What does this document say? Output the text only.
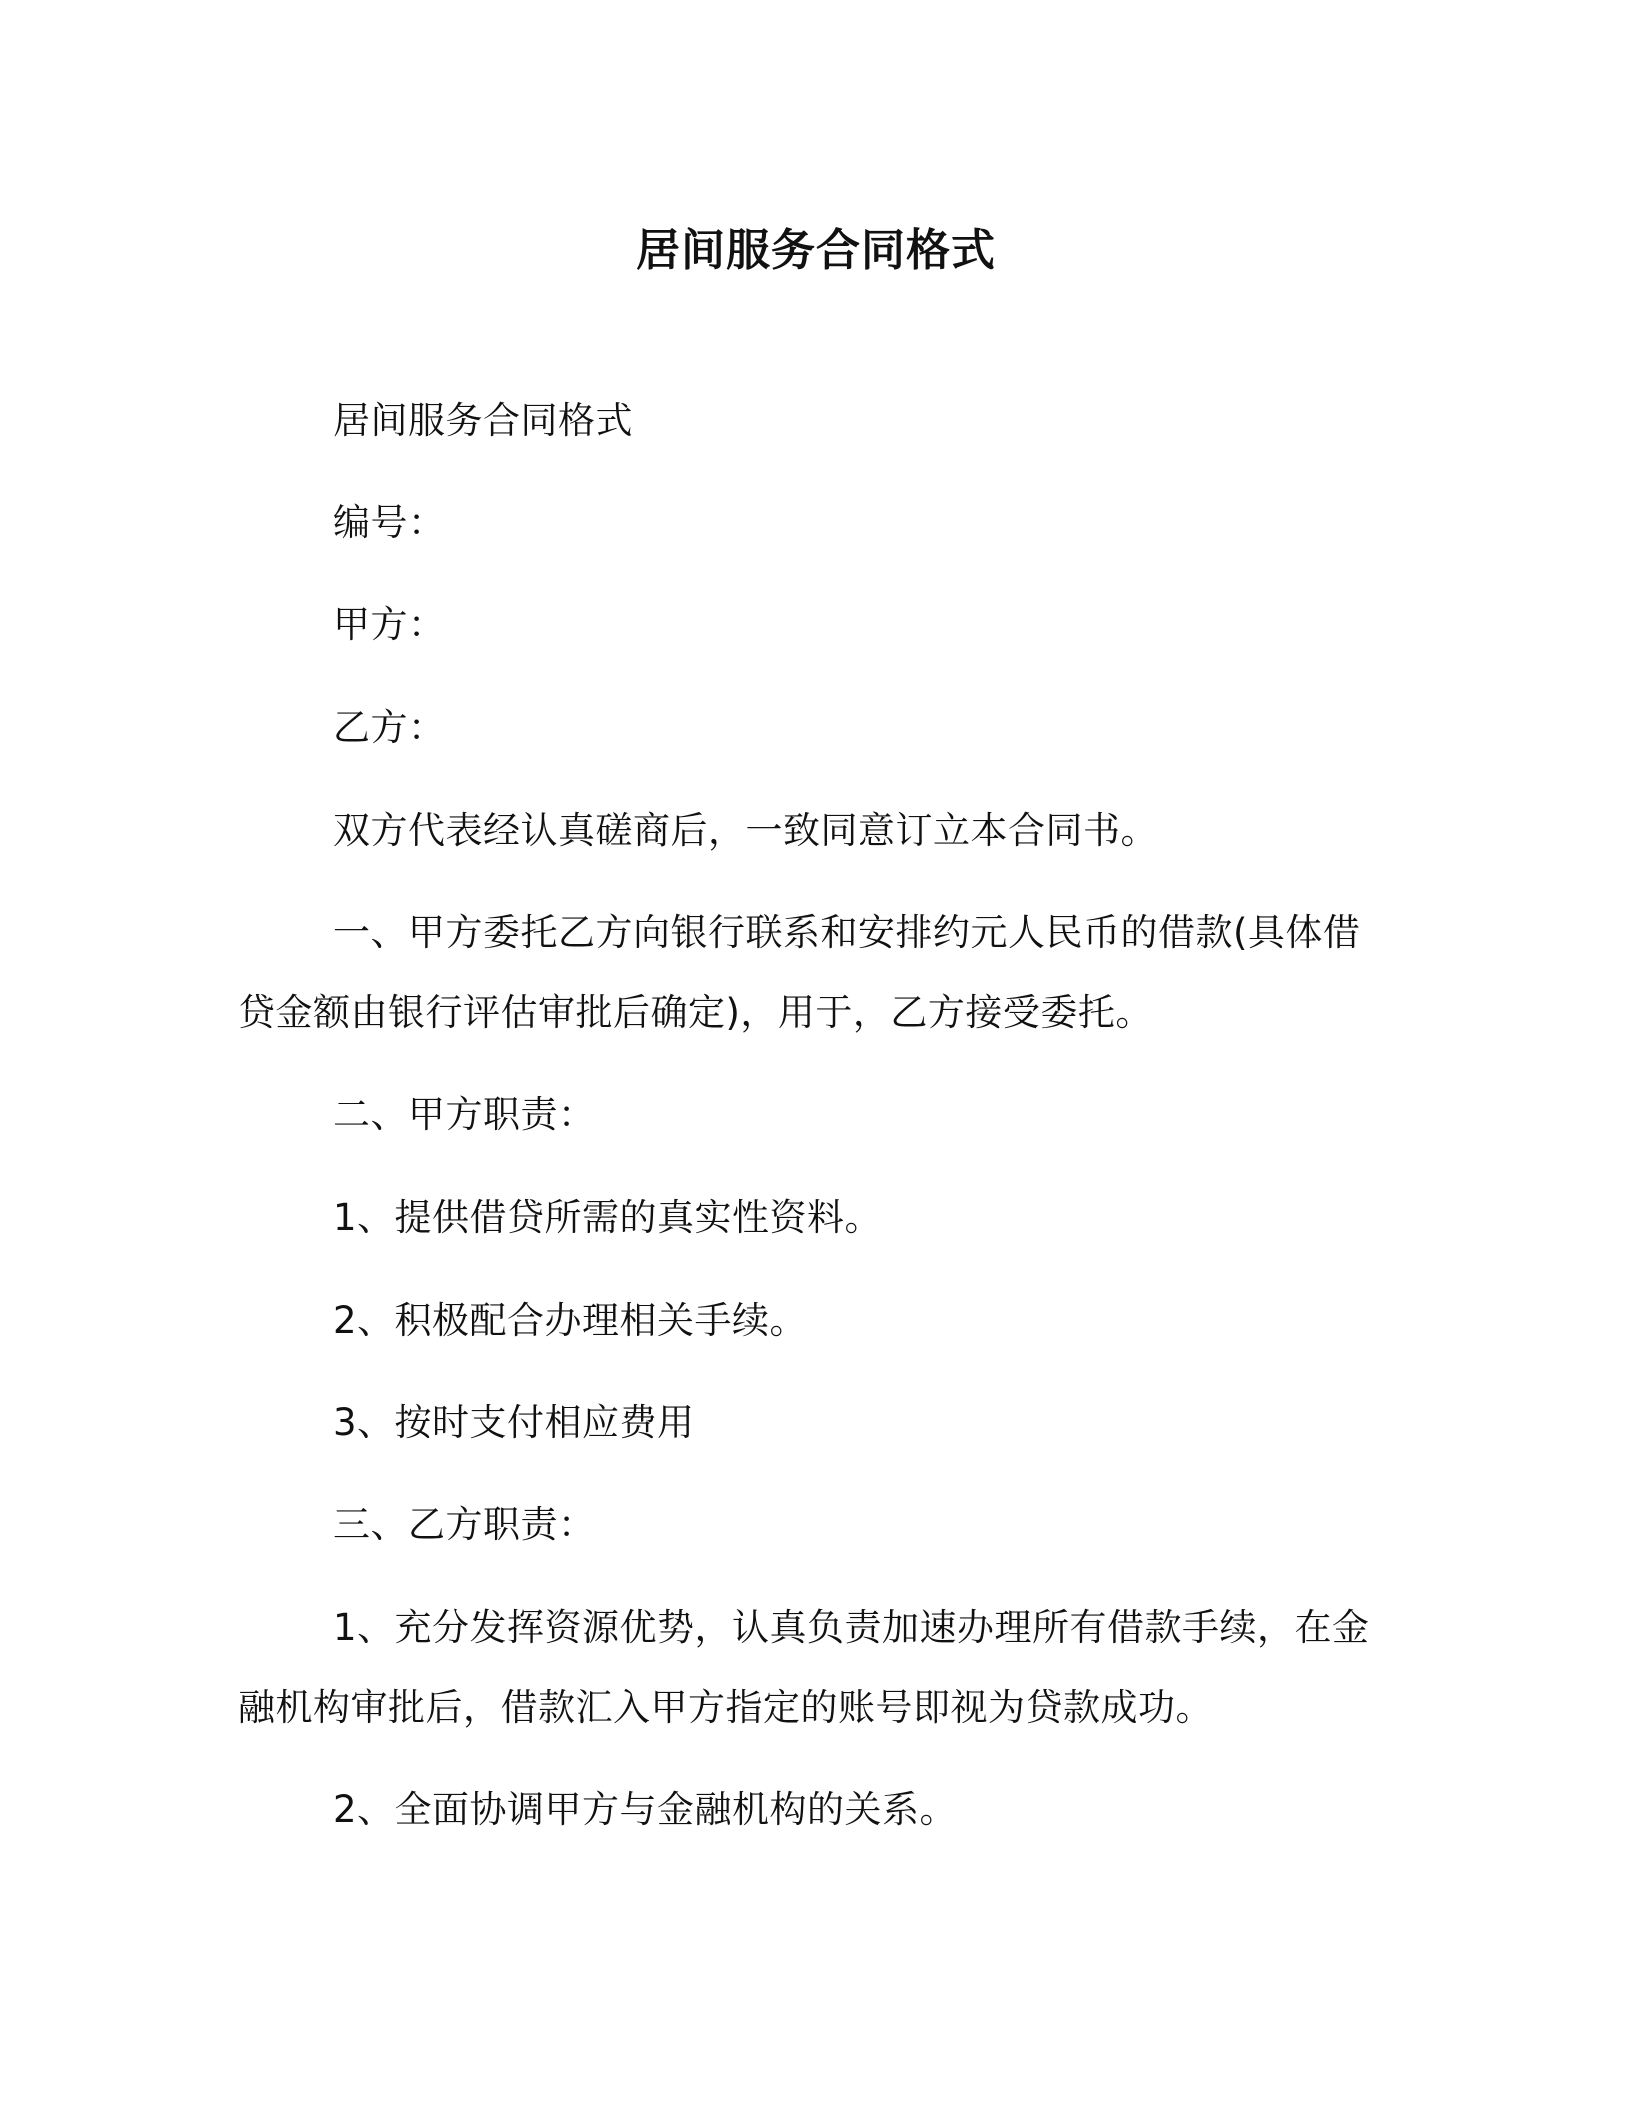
居间服务合同格式

居间服务合同格式

编号：

甲方：

乙方：

双方代表经认真磋商后，一致同意订立本合同书。

一、甲方委托乙方向银行联系和安排约元人民币的借款(具体借

贷金额由银行评估审批后确定)，用于，乙方接受委托。

二、甲方职责：

1、提供借贷所需的真实性资料。

2、积极配合办理相关手续。

3、按时支付相应费用

三、乙方职责：

1、充分发挥资源优势，认真负责加速办理所有借款手续，在金

融机构审批后，借款汇入甲方指定的账号即视为贷款成功。

2、全面协调甲方与金融机构的关系。
